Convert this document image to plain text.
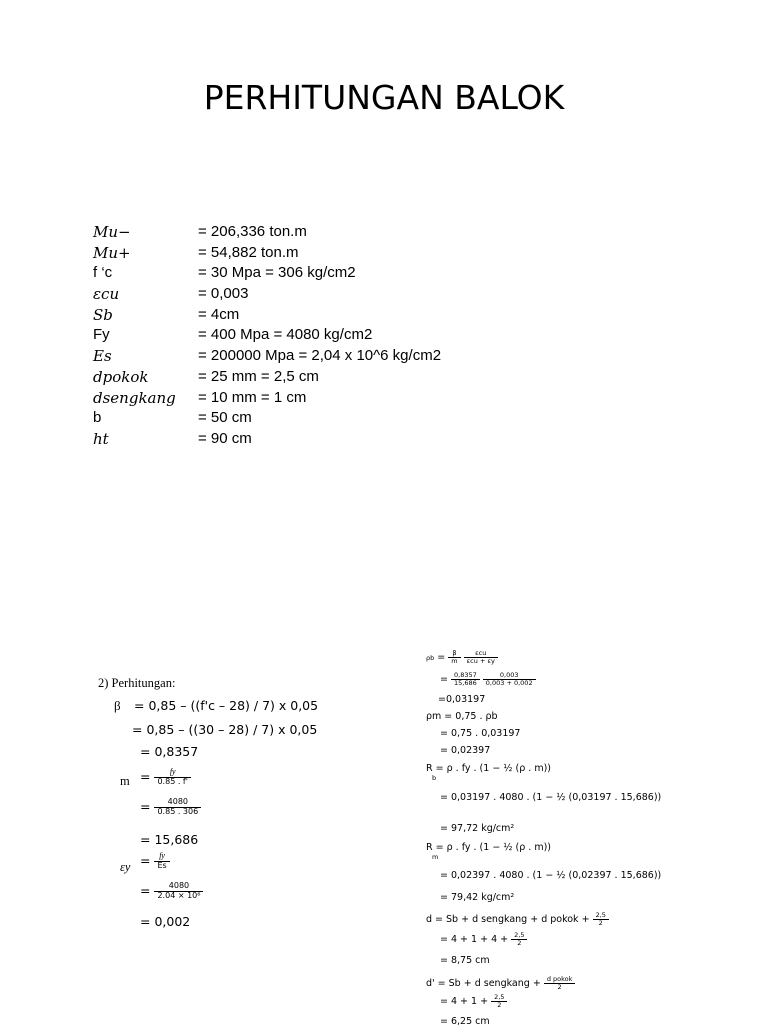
PERHITUNGAN BALOK
Mu−	= 206,336 ton.m
Mu+	= 54,882 ton.m
f ‘c	= 30 Mpa = 306 kg/cm2
εcu	= 0,003
Sb	= 4cm
Fy	= 400 Mpa = 4080 kg/cm2
Es	= 200000 Mpa = 2,04 x 10^6 kg/cm2
dpokok	= 25 mm = 2,5 cm
dsengkang	= 10 mm = 1 cm
b	= 50 cm
ht	= 90 cm
2) Perhitungan:
β = 0,85 – ((f'c – 28) / 7) x 0,05
= 0,85 – ((30 – 28) / 7) x 0,05
= 0,8357
$m = \frac{fy}{0.85 . f'}$
= $\frac{4080}{0.85 . 306}$
= 15,686
$\varepsilon y = \frac{fy}{Es}$
= $\frac{4080}{\text{2.04 × 10⁶}}$
= 0,002
$\rho b = \frac{\beta}{m}$
$\frac{\text{εcu}}{\text{εcu + εy}}$
= $\frac{0,8357}{15,686}$
$\frac{0,003}{0,003 + 0,002}$
=0,03197
ρm = 0,75 . ρb
= 0,75 . 0,03197
= 0,02397
R = ρ . fy . (1 − ½ (ρ . m))
b
= 0,03197 . 4080 . (1 − ½ (0,03197 . 15,686))
= 97,72 kg/cm²
R = ρ . fy . (1 − ½ (ρ . m))
m
= 0,02397 . 4080 . (1 − ½ (0,02397 . 15,686))
= 79,42 kg/cm²
d = Sb + d sengkang + d pokok + $\frac{2,5}{2}$
= $4 + 1 + 4 + \frac{2,5}{2}$
= 8,75 cm
d' = Sb + d sengkang + $\frac{\text{d pokok}}{2}$
= $4 + 1 + \frac{2,5}{2}$
= 6,25 cm
